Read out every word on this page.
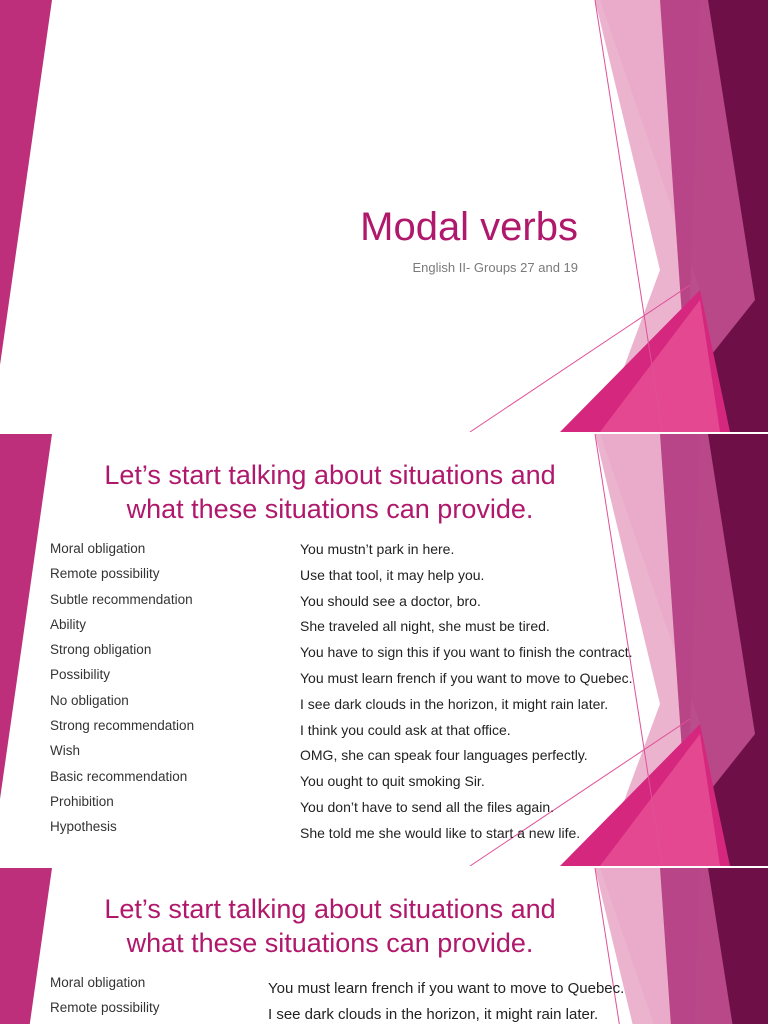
Modal verbs
English II- Groups 27 and 19
Let’s start talking about situations and
what these situations can provide.
Moral obligation
Remote possibility
Subtle recommendation
Ability
Strong obligation
Possibility
No obligation
Strong recommendation
Wish
Basic recommendation
Prohibition
Hypothesis
You mustn’t park in here.
Use that tool, it may help you.
You should see a doctor, bro.
She traveled all night, she must be tired.
You have to sign this if you want to finish the contract.
You must learn french if you want to move to Quebec.
I see dark clouds in the horizon, it might rain later.
I think you could ask at that office.
OMG, she can speak four languages perfectly.
You ought to quit smoking Sir.
You don’t have to send all the files again.
She told me she would like to start a new life.
Let’s start talking about situations and
what these situations can provide.
Moral obligation
Remote possibility
You must learn french if you want to move to Quebec.
I see dark clouds in the horizon, it might rain later.
